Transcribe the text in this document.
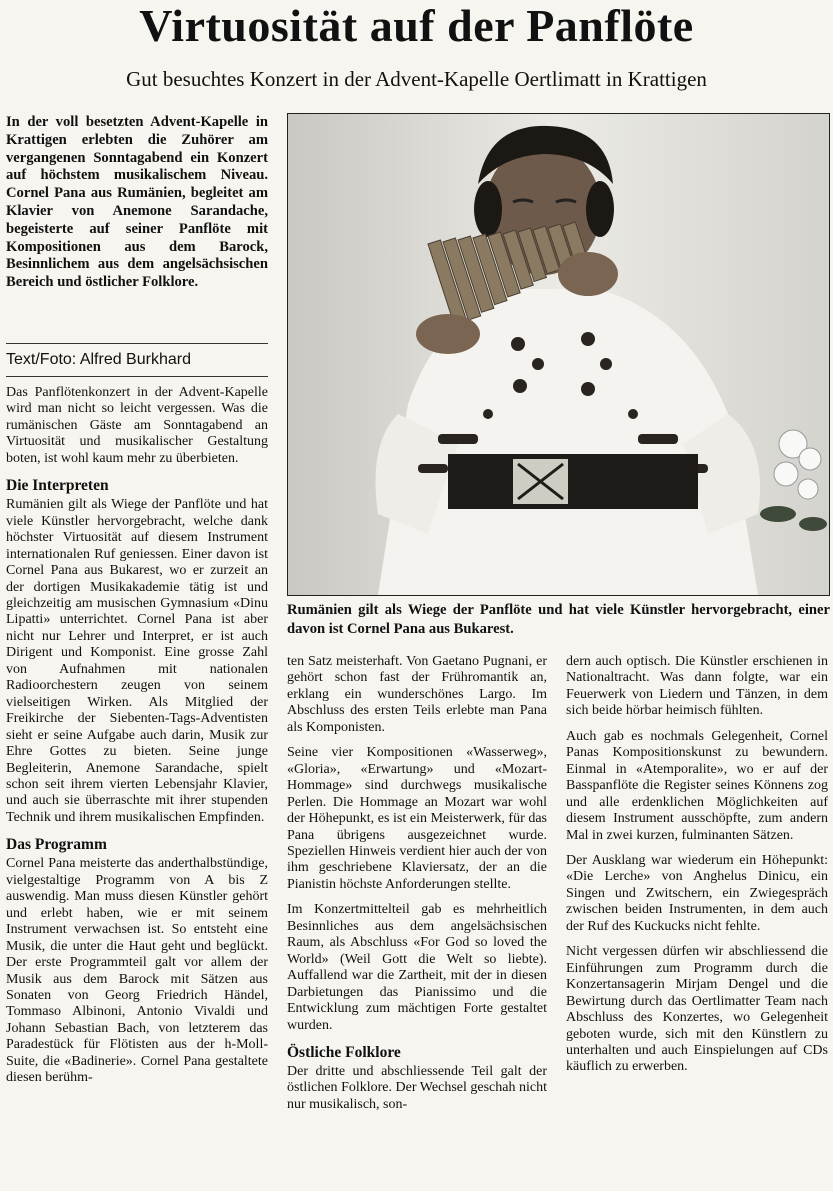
Virtuosität auf der Panflöte
Gut besuchtes Konzert in der Advent-Kapelle Oertlimatt in Krattigen

In der voll besetzten Advent-Kapelle in Krattigen erlebten die Zuhörer am vergangenen Sonntagabend ein Konzert auf höchstem musikalischem Niveau. Cornel Pana aus Rumänien, begleitet am Klavier von Anemone Sarandache, begeisterte auf seiner Panflöte mit Kompositionen aus dem Barock, Besinnlichem aus dem angelsächsischen Bereich und östlicher Folklore.

Text/Foto: Alfred Burkhard

Das Panflötenkonzert in der Advent-Kapelle wird man nicht so leicht vergessen. Was die rumänischen Gäste am Sonntagabend an Virtuosität und musikalischer Gestaltung boten, ist wohl kaum mehr zu überbieten.

Die Interpreten

Rumänien gilt als Wiege der Panflöte und hat viele Künstler hervorgebracht, welche dank höchster Virtuosität auf diesem Instrument internationalen Ruf geniessen. Einer davon ist Cornel Pana aus Bukarest, wo er zurzeit an der dortigen Musikakademie tätig ist und gleichzeitig am musischen Gymnasium «Dinu Lipatti» unterrichtet. Cornel Pana ist aber nicht nur Lehrer und Interpret, er ist auch Dirigent und Komponist. Eine grosse Zahl von Aufnahmen mit nationalen Radioorchestern zeugen von seinem vielseitigen Wirken. Als Mitglied der Freikirche der Siebenten-Tags-Adventisten sieht er seine Aufgabe auch darin, Musik zur Ehre Gottes zu bieten. Seine junge Begleiterin, Anemone Sarandache, spielt schon seit ihrem vierten Lebensjahr Klavier, und auch sie überraschte mit ihrer stupenden Technik und ihrem musikalischen Empfinden.

Das Programm

Cornel Pana meisterte das anderthalbstündige, vielgestaltige Programm von A bis Z auswendig. Man muss diesen Künstler gehört und erlebt haben, wie er mit seinem Instrument verwachsen ist. So entsteht eine Musik, die unter die Haut geht und beglückt. Der erste Programmteil galt vor allem der Musik aus dem Barock mit Sätzen aus Sonaten von Georg Friedrich Händel, Tommaso Albinoni, Antonio Vivaldi und Johann Sebastian Bach, von letzterem das Paradestück für Flötisten aus der h-Moll-Suite, die «Badinerie». Cornel Pana gestaltete diesen berühm-

Rumänien gilt als Wiege der Panflöte und hat viele Künstler hervorgebracht, einer davon ist Cornel Pana aus Bukarest.

ten Satz meisterhaft. Von Gaetano Pugnani, er gehört schon fast der Frühromantik an, erklang ein wunderschönes Largo. Im Abschluss des ersten Teils erlebte man Pana als Komponisten.

Seine vier Kompositionen «Wasserweg», «Gloria», «Erwartung» und «Mozart-Hommage» sind durchwegs musikalische Perlen. Die Hommage an Mozart war wohl der Höhepunkt, es ist ein Meisterwerk, für das Pana übrigens ausgezeichnet wurde. Speziellen Hinweis verdient hier auch der von ihm geschriebene Klaviersatz, der an die Pianistin höchste Anforderungen stellte.

Im Konzertmittelteil gab es mehrheitlich Besinnliches aus dem angelsächsischen Raum, als Abschluss «For God so loved the World» (Weil Gott die Welt so liebte). Auffallend war die Zartheit, mit der in diesen Darbietungen das Pianissimo und die Entwicklung zum mächtigen Forte gestaltet wurden.

Östliche Folklore

Der dritte und abschliessende Teil galt der östlichen Folklore. Der Wechsel geschah nicht nur musikalisch, son-

dern auch optisch. Die Künstler erschienen in Nationaltracht. Was dann folgte, war ein Feuerwerk von Liedern und Tänzen, in dem sich beide hörbar heimisch fühlten.

Auch gab es nochmals Gelegenheit, Cornel Panas Kompositionskunst zu bewundern. Einmal in «Atemporalite», wo er auf der Basspanflöte die Register seines Könnens zog und alle erdenklichen Möglichkeiten auf diesem Instrument ausschöpfte, zum andern Mal in zwei kurzen, fulminanten Sätzen.

Der Ausklang war wiederum ein Höhepunkt: «Die Lerche» von Anghelus Dinicu, ein Singen und Zwitschern, ein Zwiegespräch zwischen beiden Instrumenten, in dem auch der Ruf des Kuckucks nicht fehlte.

Nicht vergessen dürfen wir abschliessend die Einführungen zum Programm durch die Konzertansagerin Mirjam Dengel und die Bewirtung durch das Oertlimatter Team nach Abschluss des Konzertes, wo Gelegenheit geboten wurde, sich mit den Künstlern zu unterhalten und auch Einspielungen auf CDs käuflich zu erwerben.
